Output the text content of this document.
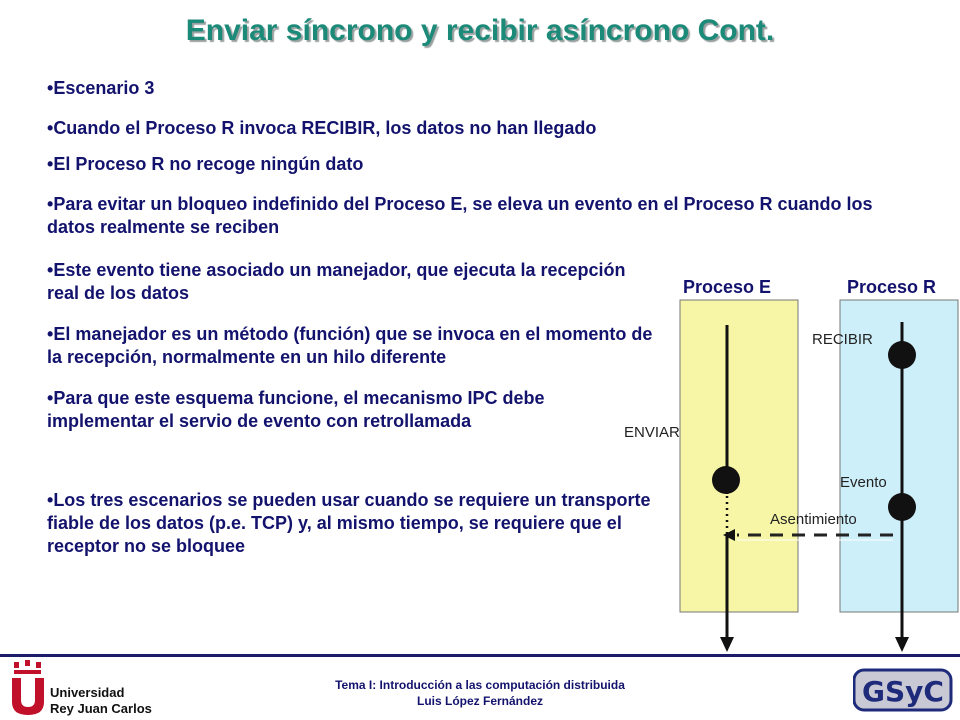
Enviar síncrono y recibir asíncrono Cont.

• Escenario 3

• Cuando el Proceso R invoca RECIBIR, los datos no han llegado

• El Proceso R no recoge ningún dato

• Para evitar un bloqueo indefinido del Proceso E, se eleva un evento en el Proceso R cuando los datos realmente se reciben

• Este evento tiene asociado un manejador, que ejecuta la recepción real de los datos

• El manejador es un método (función) que se invoca en el momento de la recepción, normalmente en un hilo diferente

• Para que este esquema funcione, el mecanismo IPC debe implementar el servio de evento con retrollamada

• Los tres escenarios se pueden usar cuando se requiere un transporte fiable de los datos (p.e. TCP) y, al mismo tiempo, se requiere que el receptor no se bloquee

Proceso E	Proceso R
RECIBIR
ENVIAR
Evento
Asentimiento
Universidad
Rey Juan Carlos
Tema I: Introducción a las computación distribuida
Luis López Fernández	GSyC
